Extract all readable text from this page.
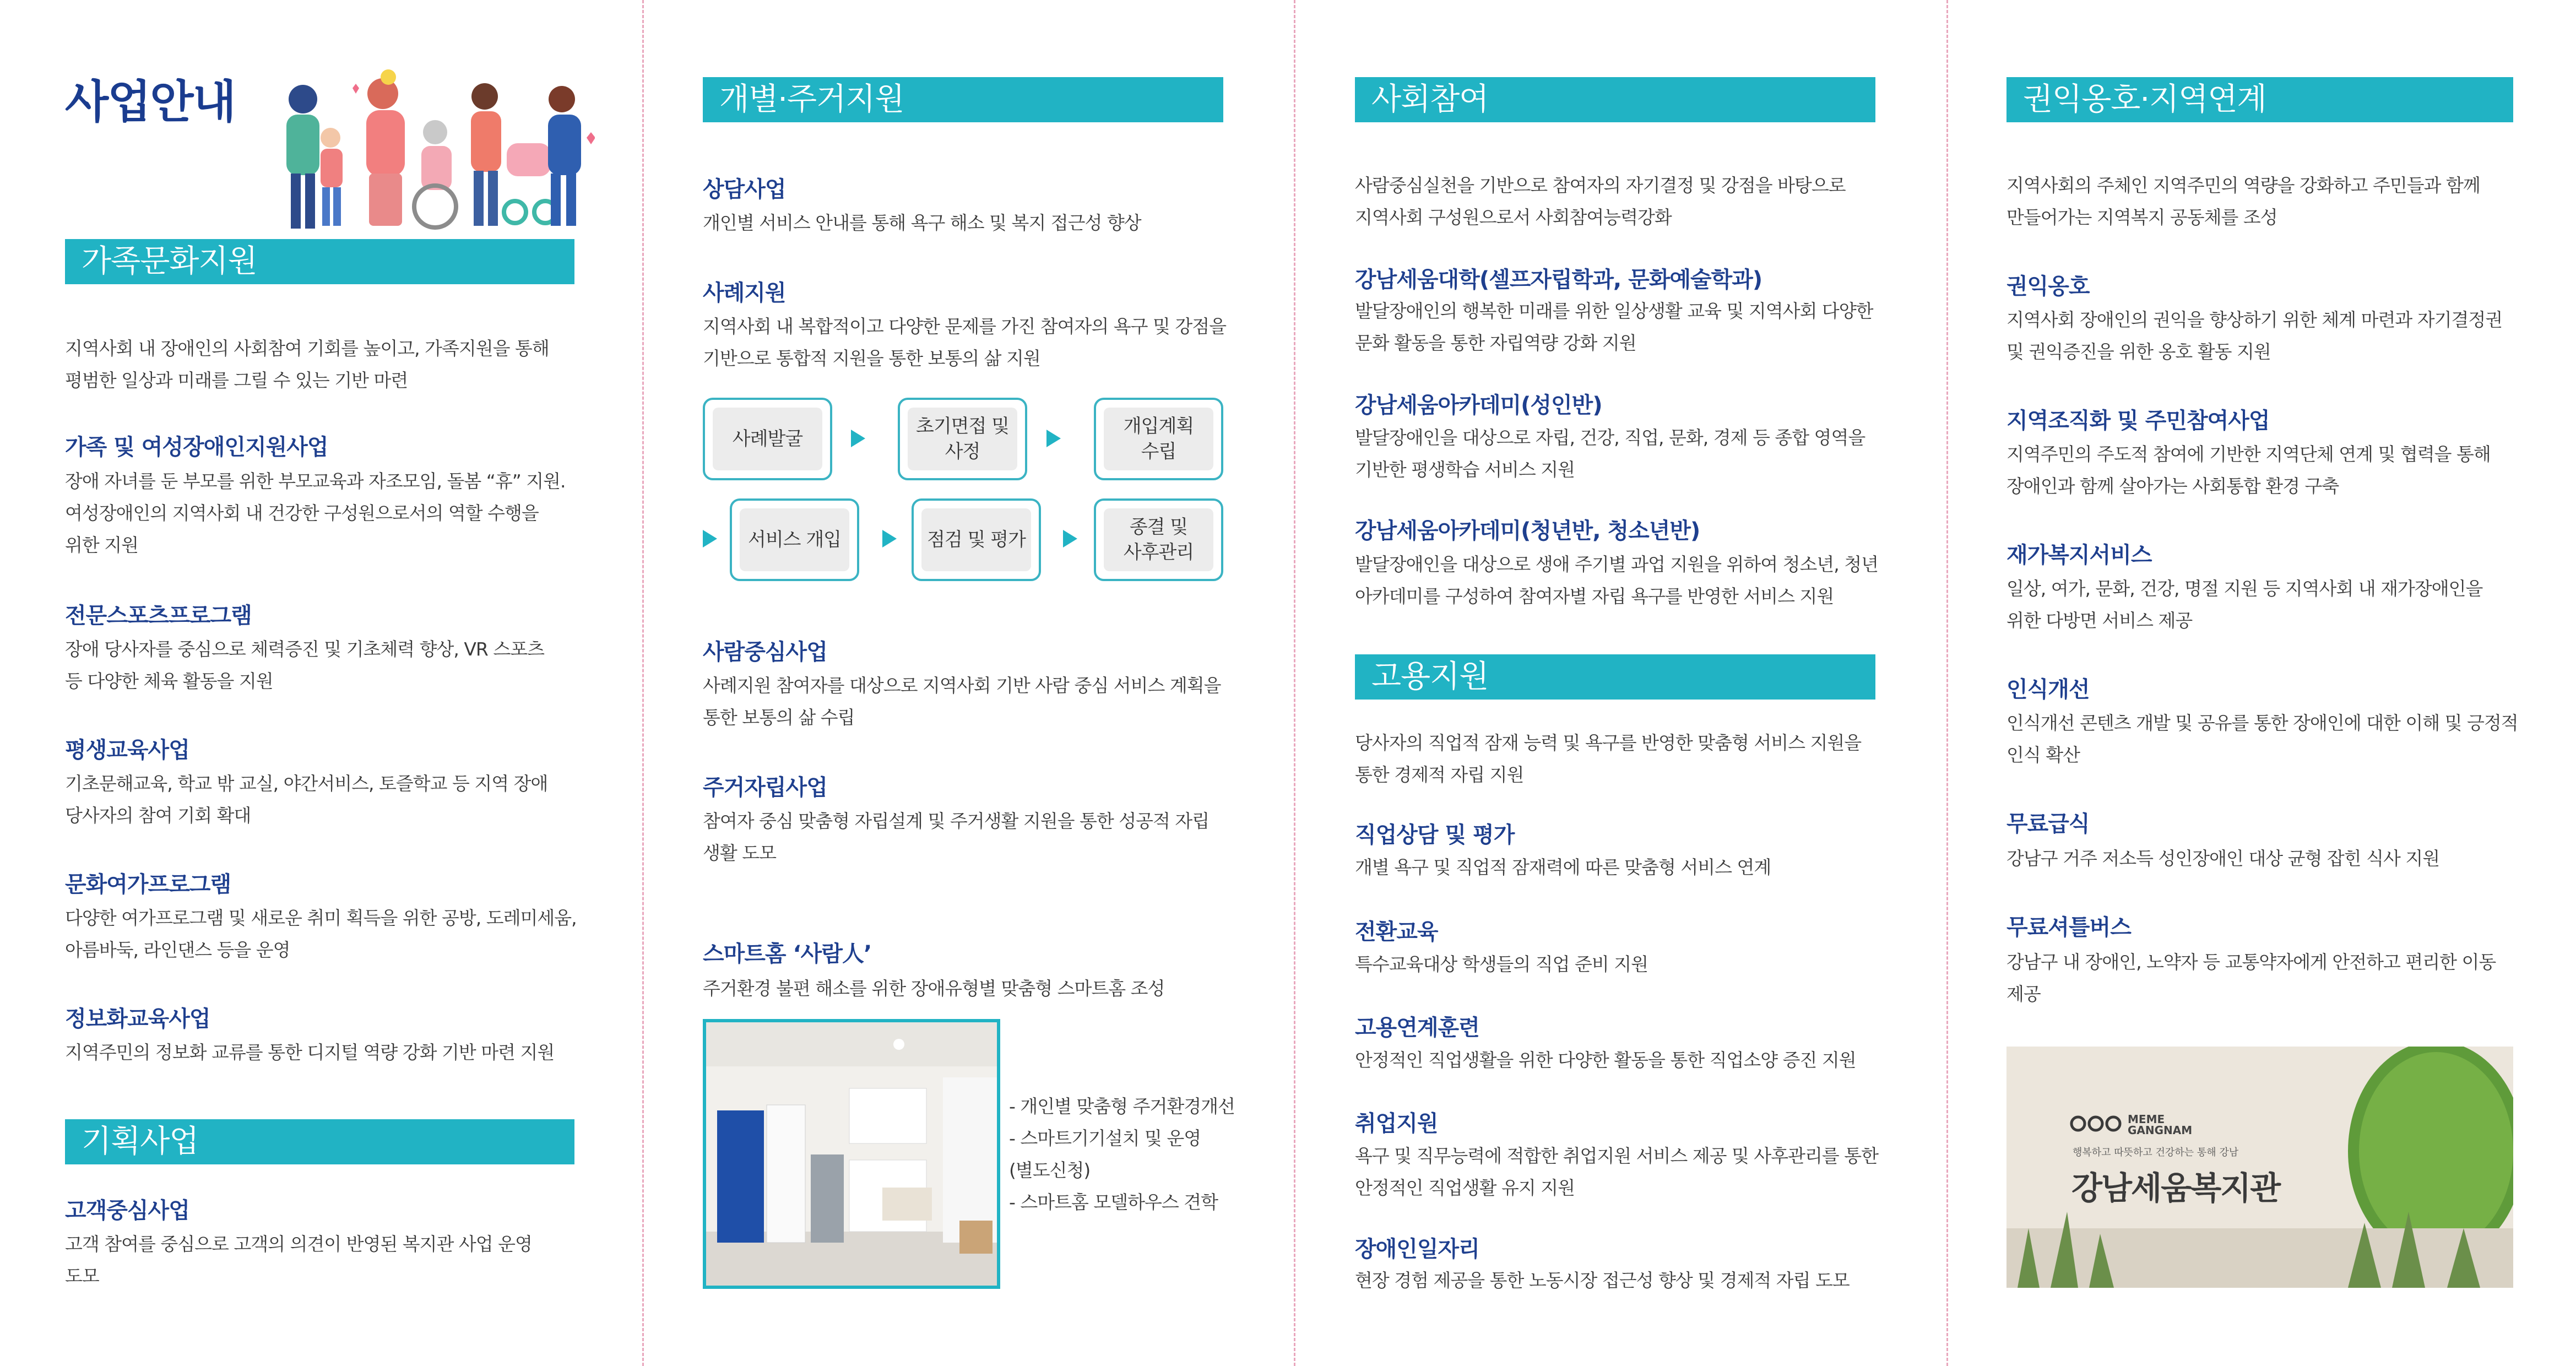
사업안내
가족문화지원
지역사회 내 장애인의 사회참여 기회를 높이고, 가족지원을 통해
평범한 일상과 미래를 그릴 수 있는 기반 마련
가족 및 여성장애인지원사업
장애 자녀를 둔 부모를 위한 부모교육과 자조모임, 돌봄 “휴” 지원.
여성장애인의 지역사회 내 건강한 구성원으로서의 역할 수행을
위한 지원
전문스포츠프로그램
장애 당사자를 중심으로 체력증진 및 기초체력 향상, VR 스포츠
등 다양한 체육 활동을 지원
평생교육사업
기초문해교육, 학교 밖 교실, 야간서비스, 토즐학교 등 지역 장애
당사자의 참여 기회 확대
문화여가프로그램
다양한 여가프로그램 및 새로운 취미 획득을 위한 공방, 도레미세움,
아름바둑, 라인댄스 등을 운영
정보화교육사업
지역주민의 정보화 교류를 통한 디지털 역량 강화 기반 마련 지원
기획사업
고객중심사업
고객 참여를 중심으로 고객의 의견이 반영된 복지관 사업 운영
도모
개별·주거지원
상담사업
개인별 서비스 안내를 통해 욕구 해소 및 복지 접근성 향상
사례지원
지역사회 내 복합적이고 다양한 문제를 가진 참여자의 욕구 및 강점을
기반으로 통합적 지원을 통한 보통의 삶 지원
사례발굴
초기면접 및
사정
개입계획
수립
서비스 개입	점검 및 평가
종결 및
사후관리
사람중심사업
사례지원 참여자를 대상으로 지역사회 기반 사람 중심 서비스 계획을
통한 보통의 삶 수립
주거자립사업
참여자 중심 맞춤형 자립설계 및 주거생활 지원을 통한 성공적 자립
생활 도모
스마트홈 ‘사람人’
주거환경 불편 해소를 위한 장애유형별 맞춤형 스마트홈 조성
- 개인별 맞춤형 주거환경개선
- 스마트기기설치 및 운영
(별도신청)
- 스마트홈 모델하우스 견학
사회참여
사람중심실천을 기반으로 참여자의 자기결정 및 강점을 바탕으로
지역사회 구성원으로서 사회참여능력강화
강남세움대학(셀프자립학과, 문화예술학과)
발달장애인의 행복한 미래를 위한 일상생활 교육 및 지역사회 다양한
문화 활동을 통한 자립역량 강화 지원
강남세움아카데미(성인반)
발달장애인을 대상으로 자립, 건강, 직업, 문화, 경제 등 종합 영역을
기반한 평생학습 서비스 지원
강남세움아카데미(청년반, 청소년반)
발달장애인을 대상으로 생애 주기별 과업 지원을 위하여 청소년, 청년
아카데미를 구성하여 참여자별 자립 욕구를 반영한 서비스 지원
고용지원
당사자의 직업적 잠재 능력 및 욕구를 반영한 맞춤형 서비스 지원을
통한 경제적 자립 지원
직업상담 및 평가
개별 욕구 및 직업적 잠재력에 따른 맞춤형 서비스 연계
전환교육
특수교육대상 학생들의 직업 준비 지원
고용연계훈련
안정적인 직업생활을 위한 다양한 활동을 통한 직업소양 증진 지원
취업지원
욕구 및 직무능력에 적합한 취업지원 서비스 제공 및 사후관리를 통한
안정적인 직업생활 유지 지원
장애인일자리
현장 경험 제공을 통한 노동시장 접근성 향상 및 경제적 자립 도모
권익옹호·지역연계
지역사회의 주체인 지역주민의 역량을 강화하고 주민들과 함께
만들어가는 지역복지 공동체를 조성
권익옹호
지역사회 장애인의 권익을 향상하기 위한 체계 마련과 자기결정권
및 권익증진을 위한 옹호 활동 지원
지역조직화 및 주민참여사업
지역주민의 주도적 참여에 기반한 지역단체 연계 및 협력을 통해
장애인과 함께 살아가는 사회통합 환경 구축
재가복지서비스
일상, 여가, 문화, 건강, 명절 지원 등 지역사회 내 재가장애인을
위한 다방면 서비스 제공
인식개선
인식개선 콘텐츠 개발 및 공유를 통한 장애인에 대한 이해 및 긍정적
인식 확산
무료급식
강남구 거주 저소득 성인장애인 대상 균형 잡힌 식사 지원
무료셔틀버스
강남구 내 장애인, 노약자 등 교통약자에게 안전하고 편리한 이동
제공
MEME GANGNAM
행복하고 따뜻하고 건강하는 통해 강남
강남세움복지관
